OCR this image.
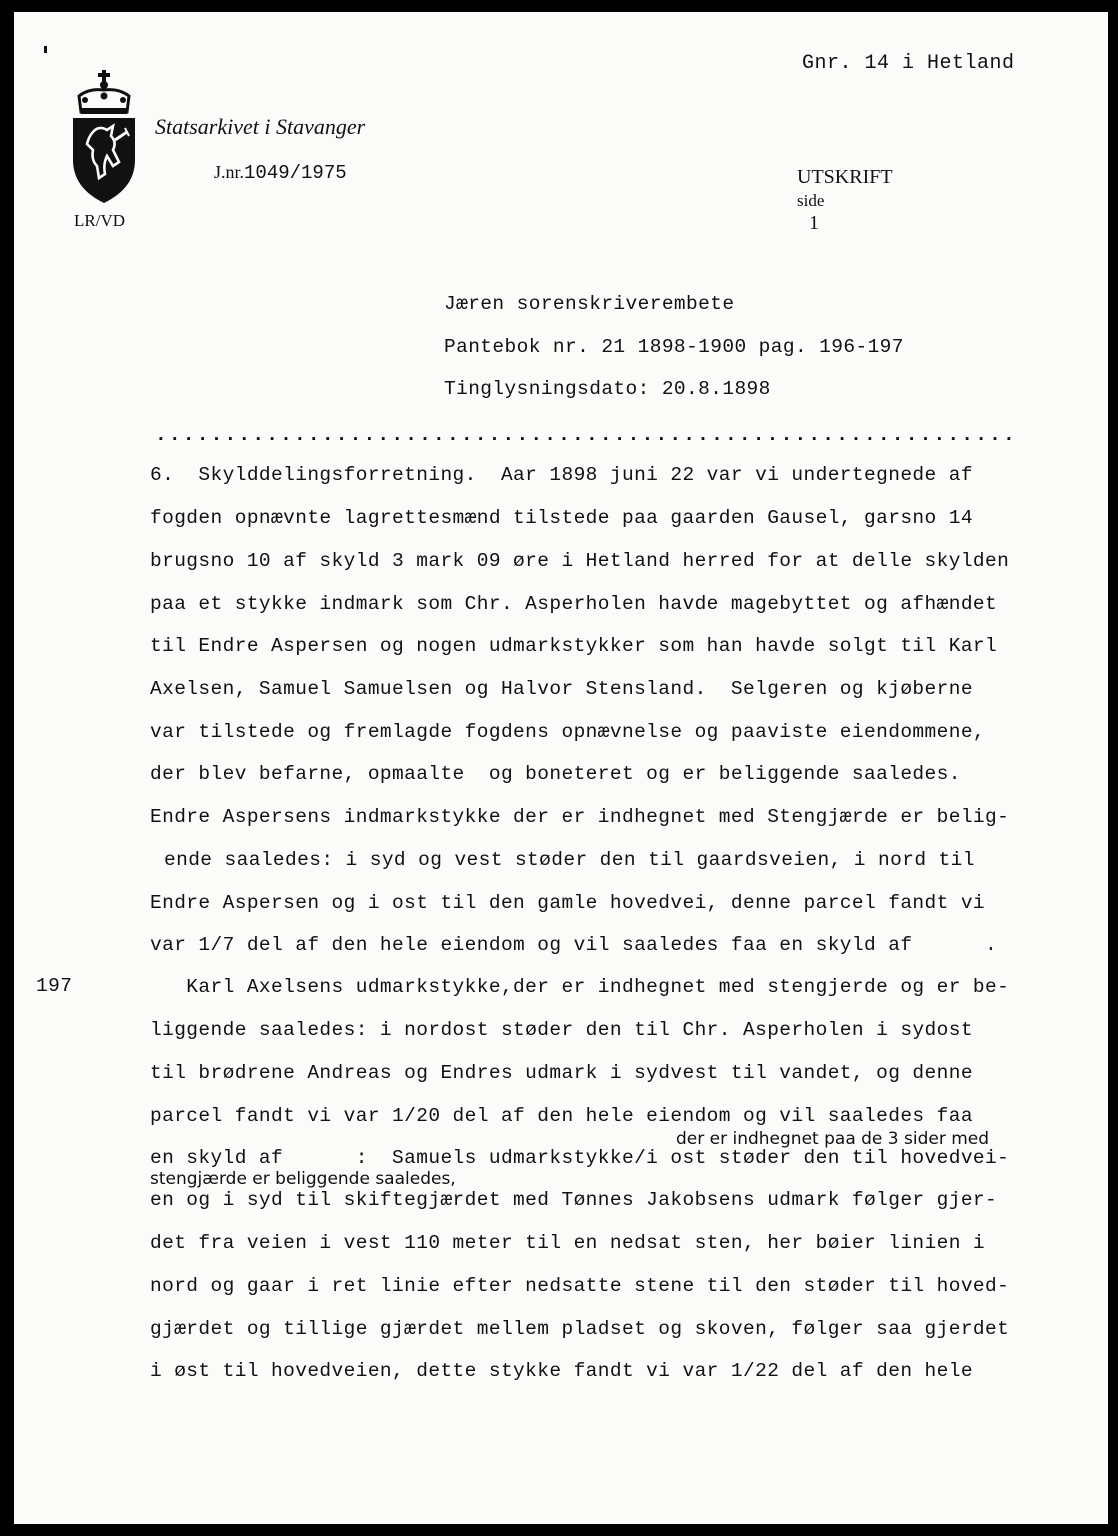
Gnr. 14 i Hetland
Statsarkivet i Stavanger

J.nr.1049/1975
	UTSKRIFT
side
1

LR/VD
Jæren sorenskriverembete
Pantebok nr. 21 1898-1900 pag. 196-197
Tinglysningsdato: 20.8.1898
..............................................................
197
6.  Skylddelingsforretning.  Aar 1898 juni 22 var vi undertegnede af
fogden opnævnte lagrettesmænd tilstede paa gaarden Gausel, garsno 14
brugsno 10 af skyld 3 mark 09 øre i Hetland herred for at delle skylden
paa et stykke indmark som Chr. Asperholen havde magebyttet og afhændet
til Endre Aspersen og nogen udmarkstykker som han havde solgt til Karl
Axelsen, Samuel Samuelsen og Halvor Stensland.  Selgeren og kjøberne
var tilstede og fremlagde fogdens opnævnelse og paaviste eiendommene,
der blev befarne, opmaalte  og boneteret og er beliggende saaledes.
Endre Aspersens indmarkstykke der er indhegnet med Stengjærde er belig-
ende saaledes: i syd og vest støder den til gaardsveien, i nord til
Endre Aspersen og i ost til den gamle hovedvei, denne parcel fandt vi
var 1/7 del af den hele eiendom og vil saaledes faa en skyld af      .
Karl Axelsens udmarkstykke,der er indhegnet med stengjerde og er be-
liggende saaledes: i nordost støder den til Chr. Asperholen i sydost
til brødrene Andreas og Endres udmark i sydvest til vandet, og denne
parcel fandt vi var 1/20 del af den hele eiendom og vil saaledes faa
der er indhegnet paa de 3 sider med
en skyld af      :  Samuels udmarkstykke/i ost støder den til hovedvei-
stengjærde er beliggende saaledes,
en og i syd til skiftegjærdet med Tønnes Jakobsens udmark følger gjer-
det fra veien i vest 110 meter til en nedsat sten, her bøier linien i
nord og gaar i ret linie efter nedsatte stene til den støder til hoved-
gjærdet og tillige gjærdet mellem pladset og skoven, følger saa gjerdet
i øst til hovedveien, dette stykke fandt vi var 1/22 del af den hele
